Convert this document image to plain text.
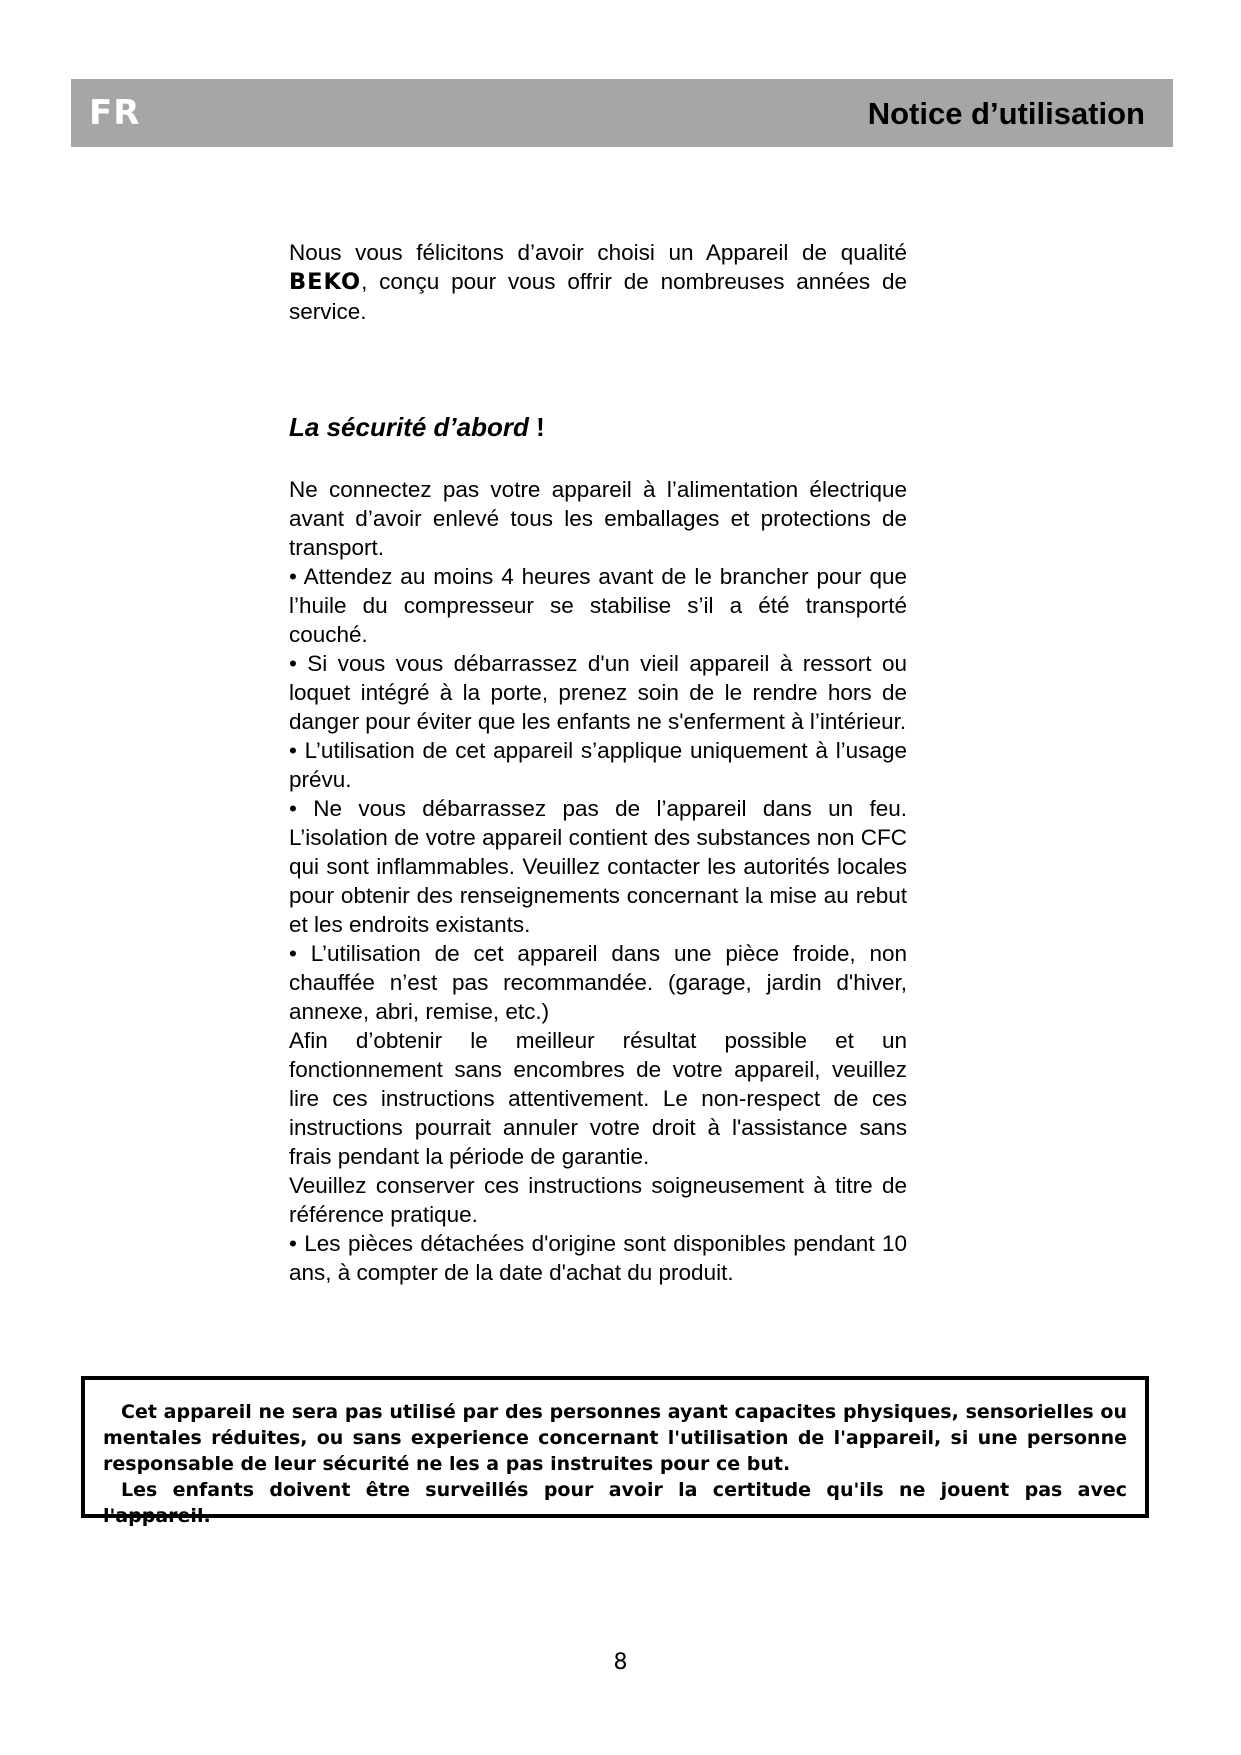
FR	Notice d’utilisation
Nous vous félicitons d’avoir choisi un Appareil de qualité BEKO, conçu pour vous offrir de nombreuses années de service.
La sécurité d’abord !

Ne connectez pas votre appareil à l’alimentation électrique avant d’avoir enlevé tous les emballages et protections de transport.

• Attendez au moins 4 heures avant de le brancher pour que l’huile du compresseur se stabilise s’il a été transporté couché.

• Si vous vous débarrassez d'un vieil appareil à ressort ou loquet intégré à la porte, prenez soin de le rendre hors de danger pour éviter que les enfants ne s'enferment à l’intérieur.

• L’utilisation de cet appareil s’applique uniquement à l’usage prévu.

• Ne vous débarrassez pas de l’appareil dans un feu. L’isolation de votre appareil contient des substances non CFC qui sont inflammables. Veuillez contacter les autorités locales pour obtenir des renseignements concernant la mise au rebut et les endroits existants.

• L’utilisation de cet appareil dans une pièce froide, non chauffée n’est pas recommandée. (garage, jardin d'hiver, annexe, abri, remise, etc.)

Afin d’obtenir le meilleur résultat possible et un fonctionnement sans encombres de votre appareil, veuillez lire ces instructions attentivement. Le non-respect de ces instructions pourrait annuler votre droit à l'assistance sans frais pendant la période de garantie.

Veuillez conserver ces instructions soigneusement à titre de référence pratique.

• Les pièces détachées d'origine sont disponibles pendant 10 ans, à compter de la date d'achat du produit.

Cet appareil ne sera pas utilisé par des personnes ayant capacites physiques, sensorielles ou mentales réduites, ou sans experience concernant l'utilisation de l'appareil, si une personne responsable de leur sécurité ne les a pas instruites pour ce but.

Les enfants doivent être surveillés pour avoir la certitude qu'ils ne jouent pas avec l'appareil.

8
